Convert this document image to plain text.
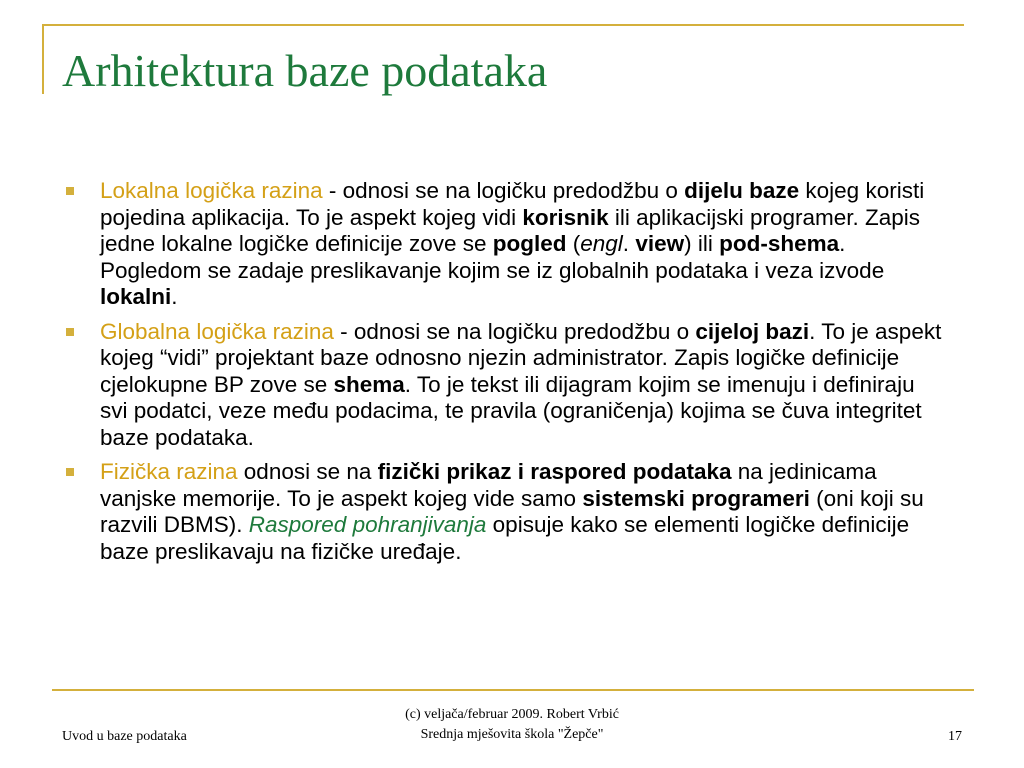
Arhitektura baze podataka
Lokalna logička razina - odnosi se na logičku predodžbu o dijelu baze kojeg koristi pojedina aplikacija. To je aspekt kojeg vidi korisnik ili aplikacijski programer. Zapis jedne lokalne logičke definicije zove se pogled (engl. view) ili pod-shema. Pogledom se zadaje preslikavanje kojim se iz globalnih podataka i veza izvode lokalni.
Globalna logička razina - odnosi se na logičku predodžbu o cijeloj bazi. To je aspekt kojeg “vidi” projektant baze odnosno njezin administrator. Zapis logičke definicije cjelokupne BP zove se shema. To je tekst ili dijagram kojim se imenuju i definiraju svi podatci, veze među podacima, te pravila (ograničenja) kojima se čuva integritet baze podataka.
Fizička razina odnosi se na fizički prikaz i raspored podataka na jedinicama vanjske memorije. To je aspekt kojeg vide samo sistemski programeri (oni koji su razvili DBMS). Raspored pohranjivanja opisuje kako se elementi logičke definicije baze preslikavaju na fizičke uređaje.
Uvod u baze podataka
(c) veljača/februar 2009. Robert Vrbić
Srednja mješovita škola "Žepče"	17
